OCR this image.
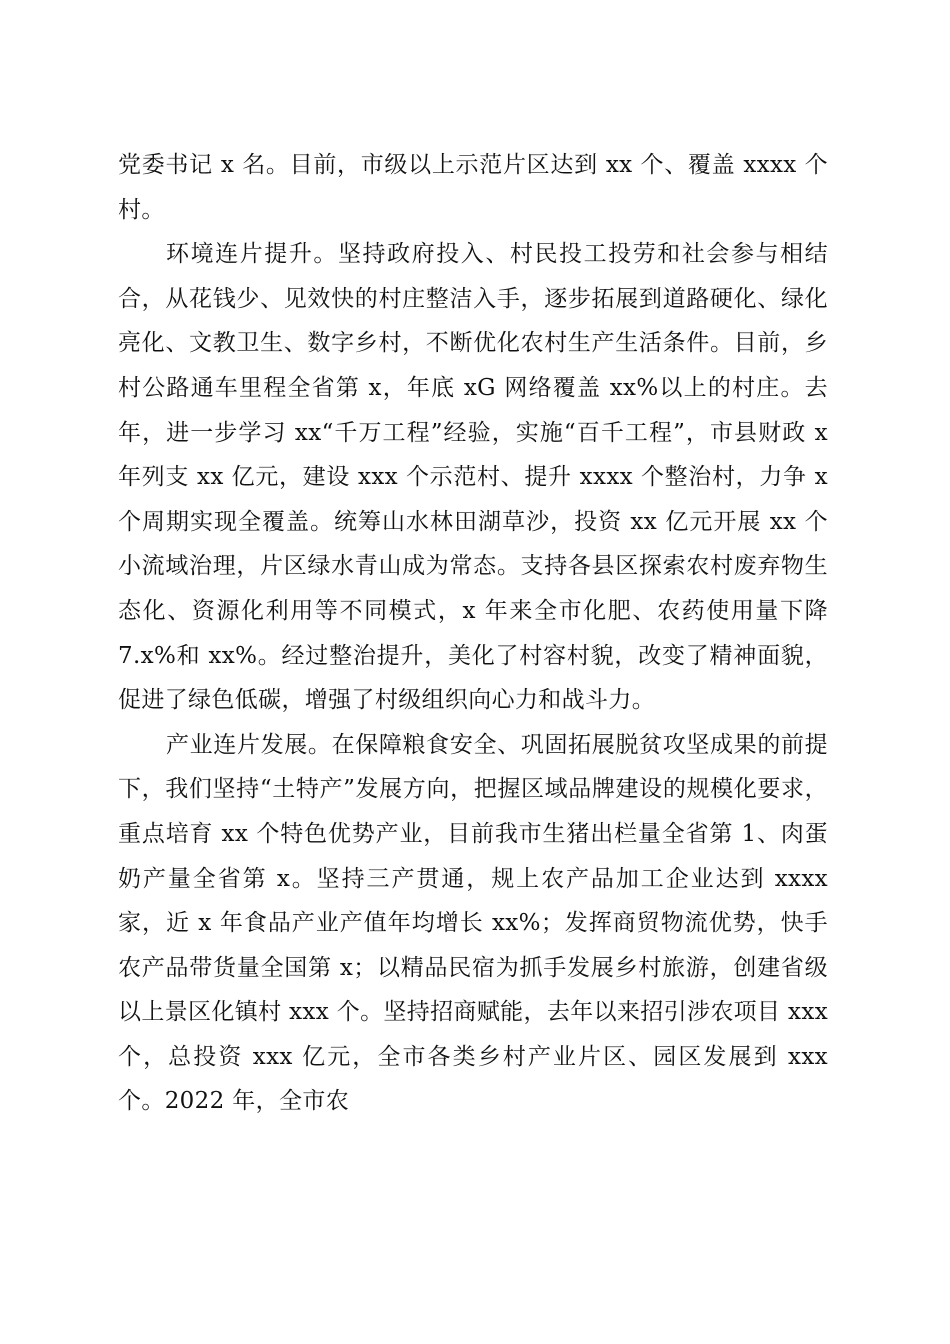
党委书记 x 名。目前，市级以上示范片区达到 xx 个、覆盖 xxxx 个村。

环境连片提升。坚持政府投入、村民投工投劳和社会参与相结合，从花钱少、见效快的村庄整洁入手，逐步拓展到道路硬化、绿化亮化、文教卫生、数字乡村，不断优化农村生产生活条件。目前，乡村公路通车里程全省第 x，年底 xG 网络覆盖 xx%以上的村庄。去年，进一步学习 xx“千万工程”经验，实施“百千工程”，市县财政 x 年列支 xx 亿元，建设 xxx 个示范村、提升 xxxx 个整治村，力争 x 个周期实现全覆盖。统筹山水林田湖草沙，投资 xx 亿元开展 xx 个小流域治理，片区绿水青山成为常态。支持各县区探索农村废弃物生态化、资源化利用等不同模式，x 年来全市化肥、农药使用量下降 7.x%和 xx%。经过整治提升，美化了村容村貌，改变了精神面貌，促进了绿色低碳，增强了村级组织向心力和战斗力。

产业连片发展。在保障粮食安全、巩固拓展脱贫攻坚成果的前提下，我们坚持“土特产”发展方向，把握区域品牌建设的规模化要求，重点培育 xx 个特色优势产业，目前我市生猪出栏量全省第 1、肉蛋奶产量全省第 x。坚持三产贯通，规上农产品加工企业达到 xxxx 家，近 x 年食品产业产值年均增长 xx%；发挥商贸物流优势，快手农产品带货量全国第 x；以精品民宿为抓手发展乡村旅游，创建省级以上景区化镇村 xxx 个。坚持招商赋能，去年以来招引涉农项目 xxx 个，总投资 xxx 亿元，全市各类乡村产业片区、园区发展到 xxx 个。2022 年，全市农
